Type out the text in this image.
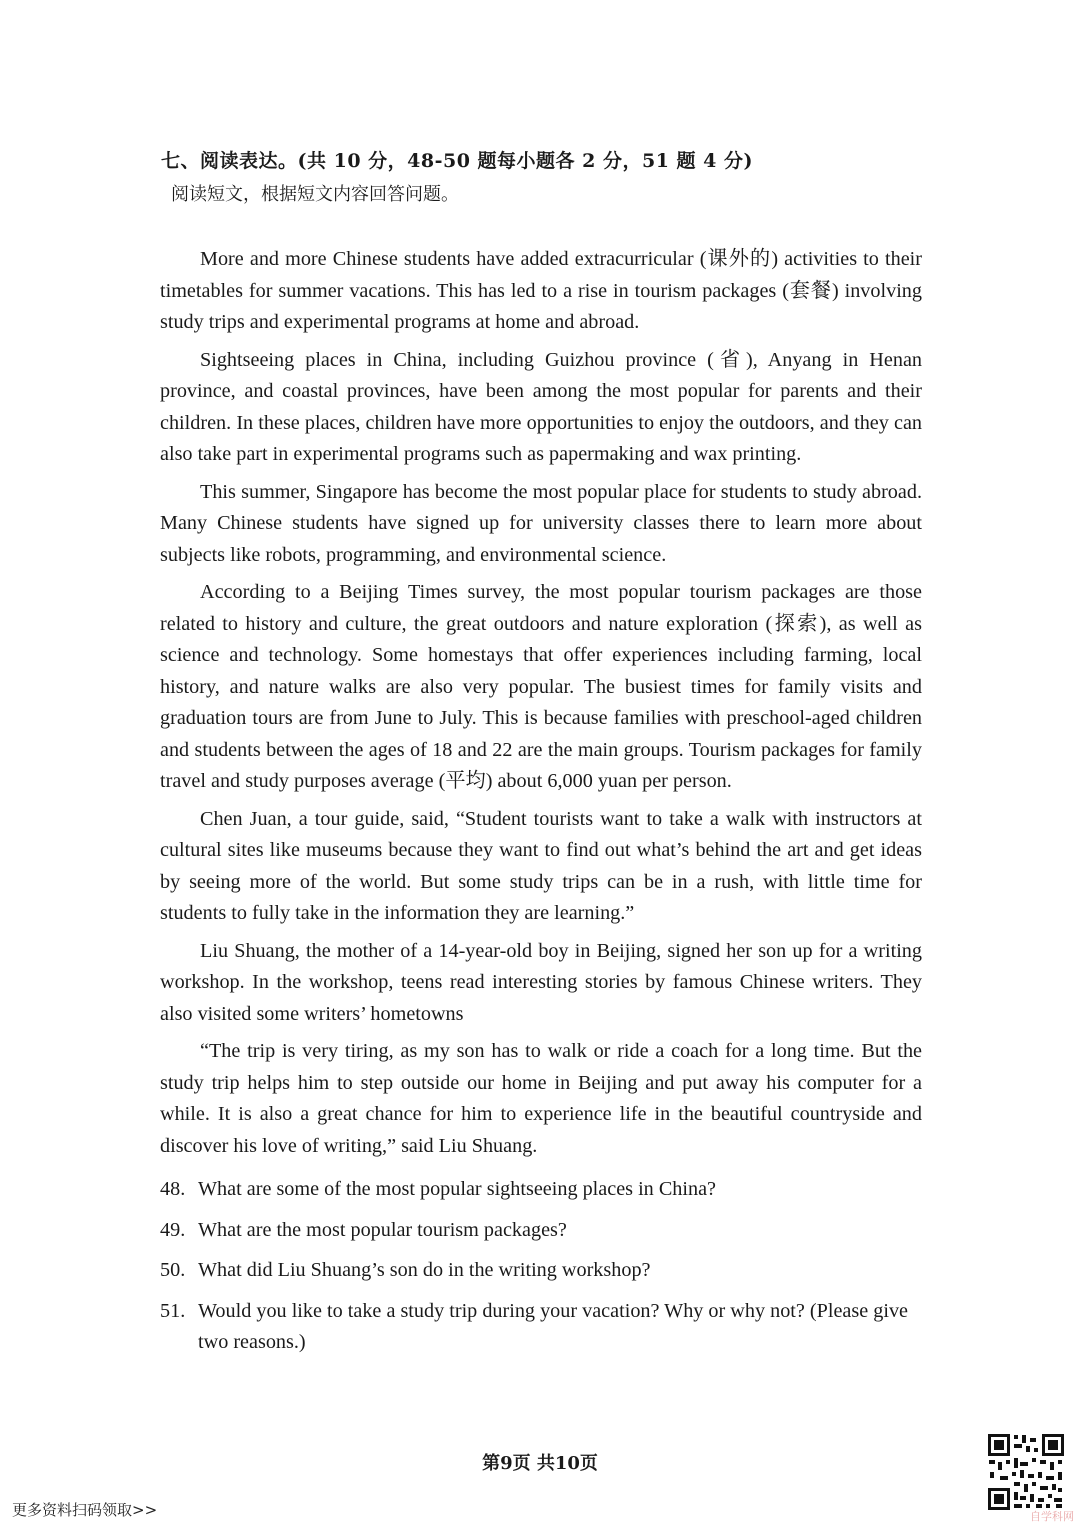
七、阅读表达。(共 10 分，48-50 题每小题各 2 分，51 题 4 分)
阅读短文，根据短文内容回答问题。

More and more Chinese students have added extracurricular (课外的) activities to their timetables for summer vacations. This has led to a rise in tourism packages (套餐) involving study trips and experimental programs at home and abroad.

Sightseeing places in China, including Guizhou province (省), Anyang in Henan province, and coastal provinces, have been among the most popular for parents and their children. In these places, children have more opportunities to enjoy the outdoors, and they can also take part in experimental programs such as papermaking and wax printing.

This summer, Singapore has become the most popular place for students to study abroad. Many Chinese students have signed up for university classes there to learn more about subjects like robots, programming, and environmental science.

According to a Beijing Times survey, the most popular tourism packages are those related to history and culture, the great outdoors and nature exploration (探索), as well as science and technology. Some homestays that offer experiences including farming, local history, and nature walks are also very popular. The busiest times for family visits and graduation tours are from June to July. This is because families with preschool-aged children and students between the ages of 18 and 22 are the main groups. Tourism packages for family travel and study purposes average (平均) about 6,000 yuan per person.

Chen Juan, a tour guide, said, “Student tourists want to take a walk with instructors at cultural sites like museums because they want to find out what’s behind the art and get ideas by seeing more of the world. But some study trips can be in a rush, with little time for students to fully take in the information they are learning.”

Liu Shuang, the mother of a 14-year-old boy in Beijing, signed her son up for a writing workshop. In the workshop, teens read interesting stories by famous Chinese writers. They also visited some writers’ hometowns

“The trip is very tiring, as my son has to walk or ride a coach for a long time. But the study trip helps him to step outside our home in Beijing and put away his computer for a while. It is also a great chance for him to experience life in the beautiful countryside and discover his love of writing,” said Liu Shuang.

48. What are some of the most popular sightseeing places in China?
49. What are the most popular tourism packages?
50. What did Liu Shuang’s son do in the writing workshop?
51. Would you like to take a study trip during your vacation? Why or why not? (Please give two reasons.)
第9页 共10页
更多资料扫码领取>>	自学科网
